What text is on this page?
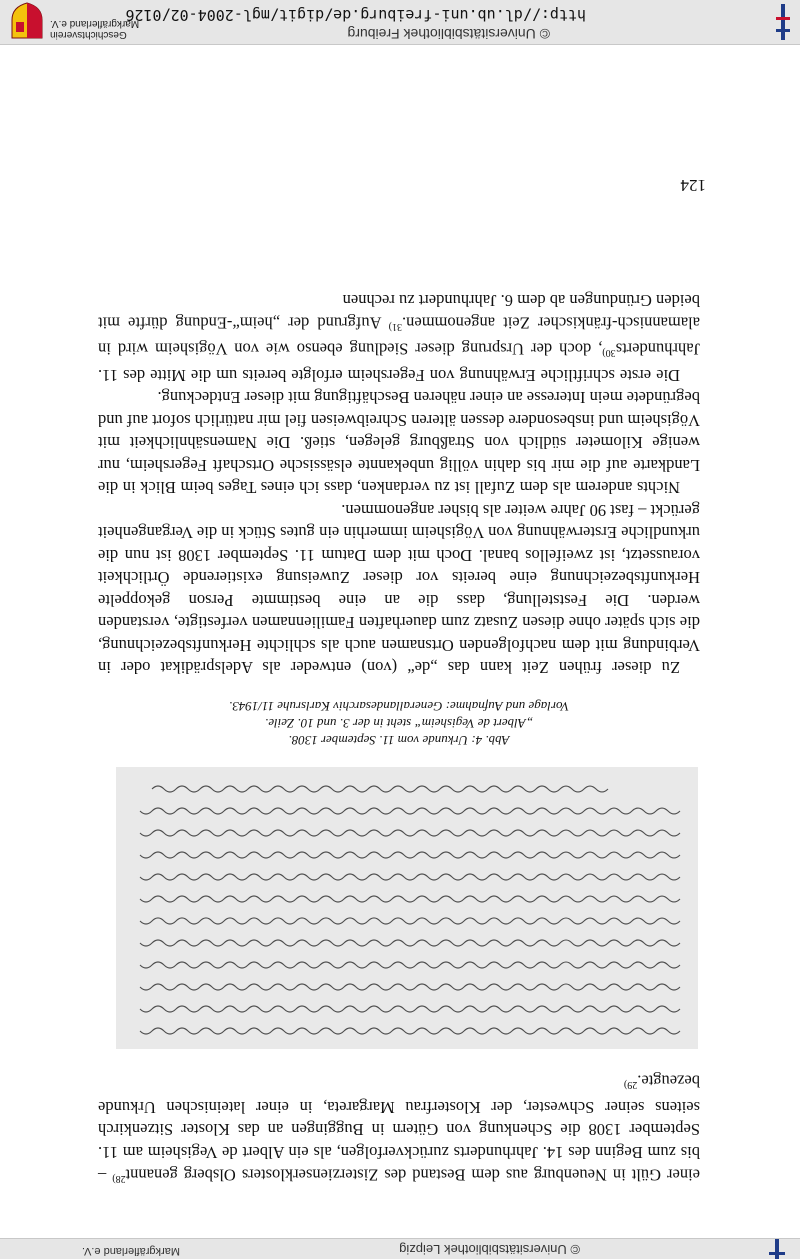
© Universitätsbibliothek Leipzig
Markgräflerland e.V.

einer Gült in Neuenburg aus dem Bestand des Zisterzienserklosters Olsberg genannt$^{28)}$ – bis zum Beginn des 14. Jahrhunderts zurückverfolgen, als ein Albert de Vegisheim am 11. September 1308 die Schenkung von Gütern in Buggingen an das Kloster Sitzenkirch seitens seiner Schwester, der Klosterfrau Margareta, in einer lateinischen Urkunde bezeugte.$^{29)}$

Abb. 4: Urkunde vom 11. September 1308.
„Albert de Vegisheim“ steht in der 3. und 10. Zeile.
Vorlage und Aufnahme: Generallandesarchiv Karlsruhe 11/1943.

Zu dieser frühen Zeit kann das „de“ (von) entweder als Adelsprädikat oder in Verbindung mit dem nachfolgenden Ortsnamen auch als schlichte Herkunftsbezeichnung, die sich später ohne diesen Zusatz zum dauerhaften Familiennamen verfestigte, verstanden werden. Die Feststellung, dass die an eine bestimmte Person gekoppelte Herkunftsbezeichnung eine bereits vor dieser Zuweisung existierende Örtlichkeit voraussetzt, ist zweifellos banal. Doch mit dem Datum 11. September 1308 ist nun die urkundliche Ersterwähnung von Vögisheim immerhin ein gutes Stück in die Vergangenheit gerückt – fast 90 Jahre weiter als bisher angenommen.

Nichts anderem als dem Zufall ist zu verdanken, dass ich eines Tages beim Blick in die Landkarte auf die mir bis dahin völlig unbekannte elsässische Ortschaft Fegersheim, nur wenige Kilometer südlich von Straßburg gelegen, stieß. Die Namensähnlichkeit mit Vögisheim und insbesondere dessen älteren Schreibweisen fiel mir natürlich sofort auf und begründete mein Interesse an einer näheren Beschäftigung mit dieser Entdeckung.

Die erste schriftliche Erwähnung von Fegersheim erfolgte bereits um die Mitte des 11. Jahrhunderts$^{30)}$, doch der Ursprung dieser Siedlung ebenso wie von Vögisheim wird in alamannisch-fränkischer Zeit angenommen.$^{31)}$ Aufgrund der „heim“-Endung dürfte mit beiden Gründungen ab dem 6. Jahrhundert zu rechnen

124
© Universitätsbibliothek Freiburg
http://dl.ub.uni-freiburg.de/digit/mgl-2004-02/0126
Geschichtsverein
Markgräflerland e.V.
